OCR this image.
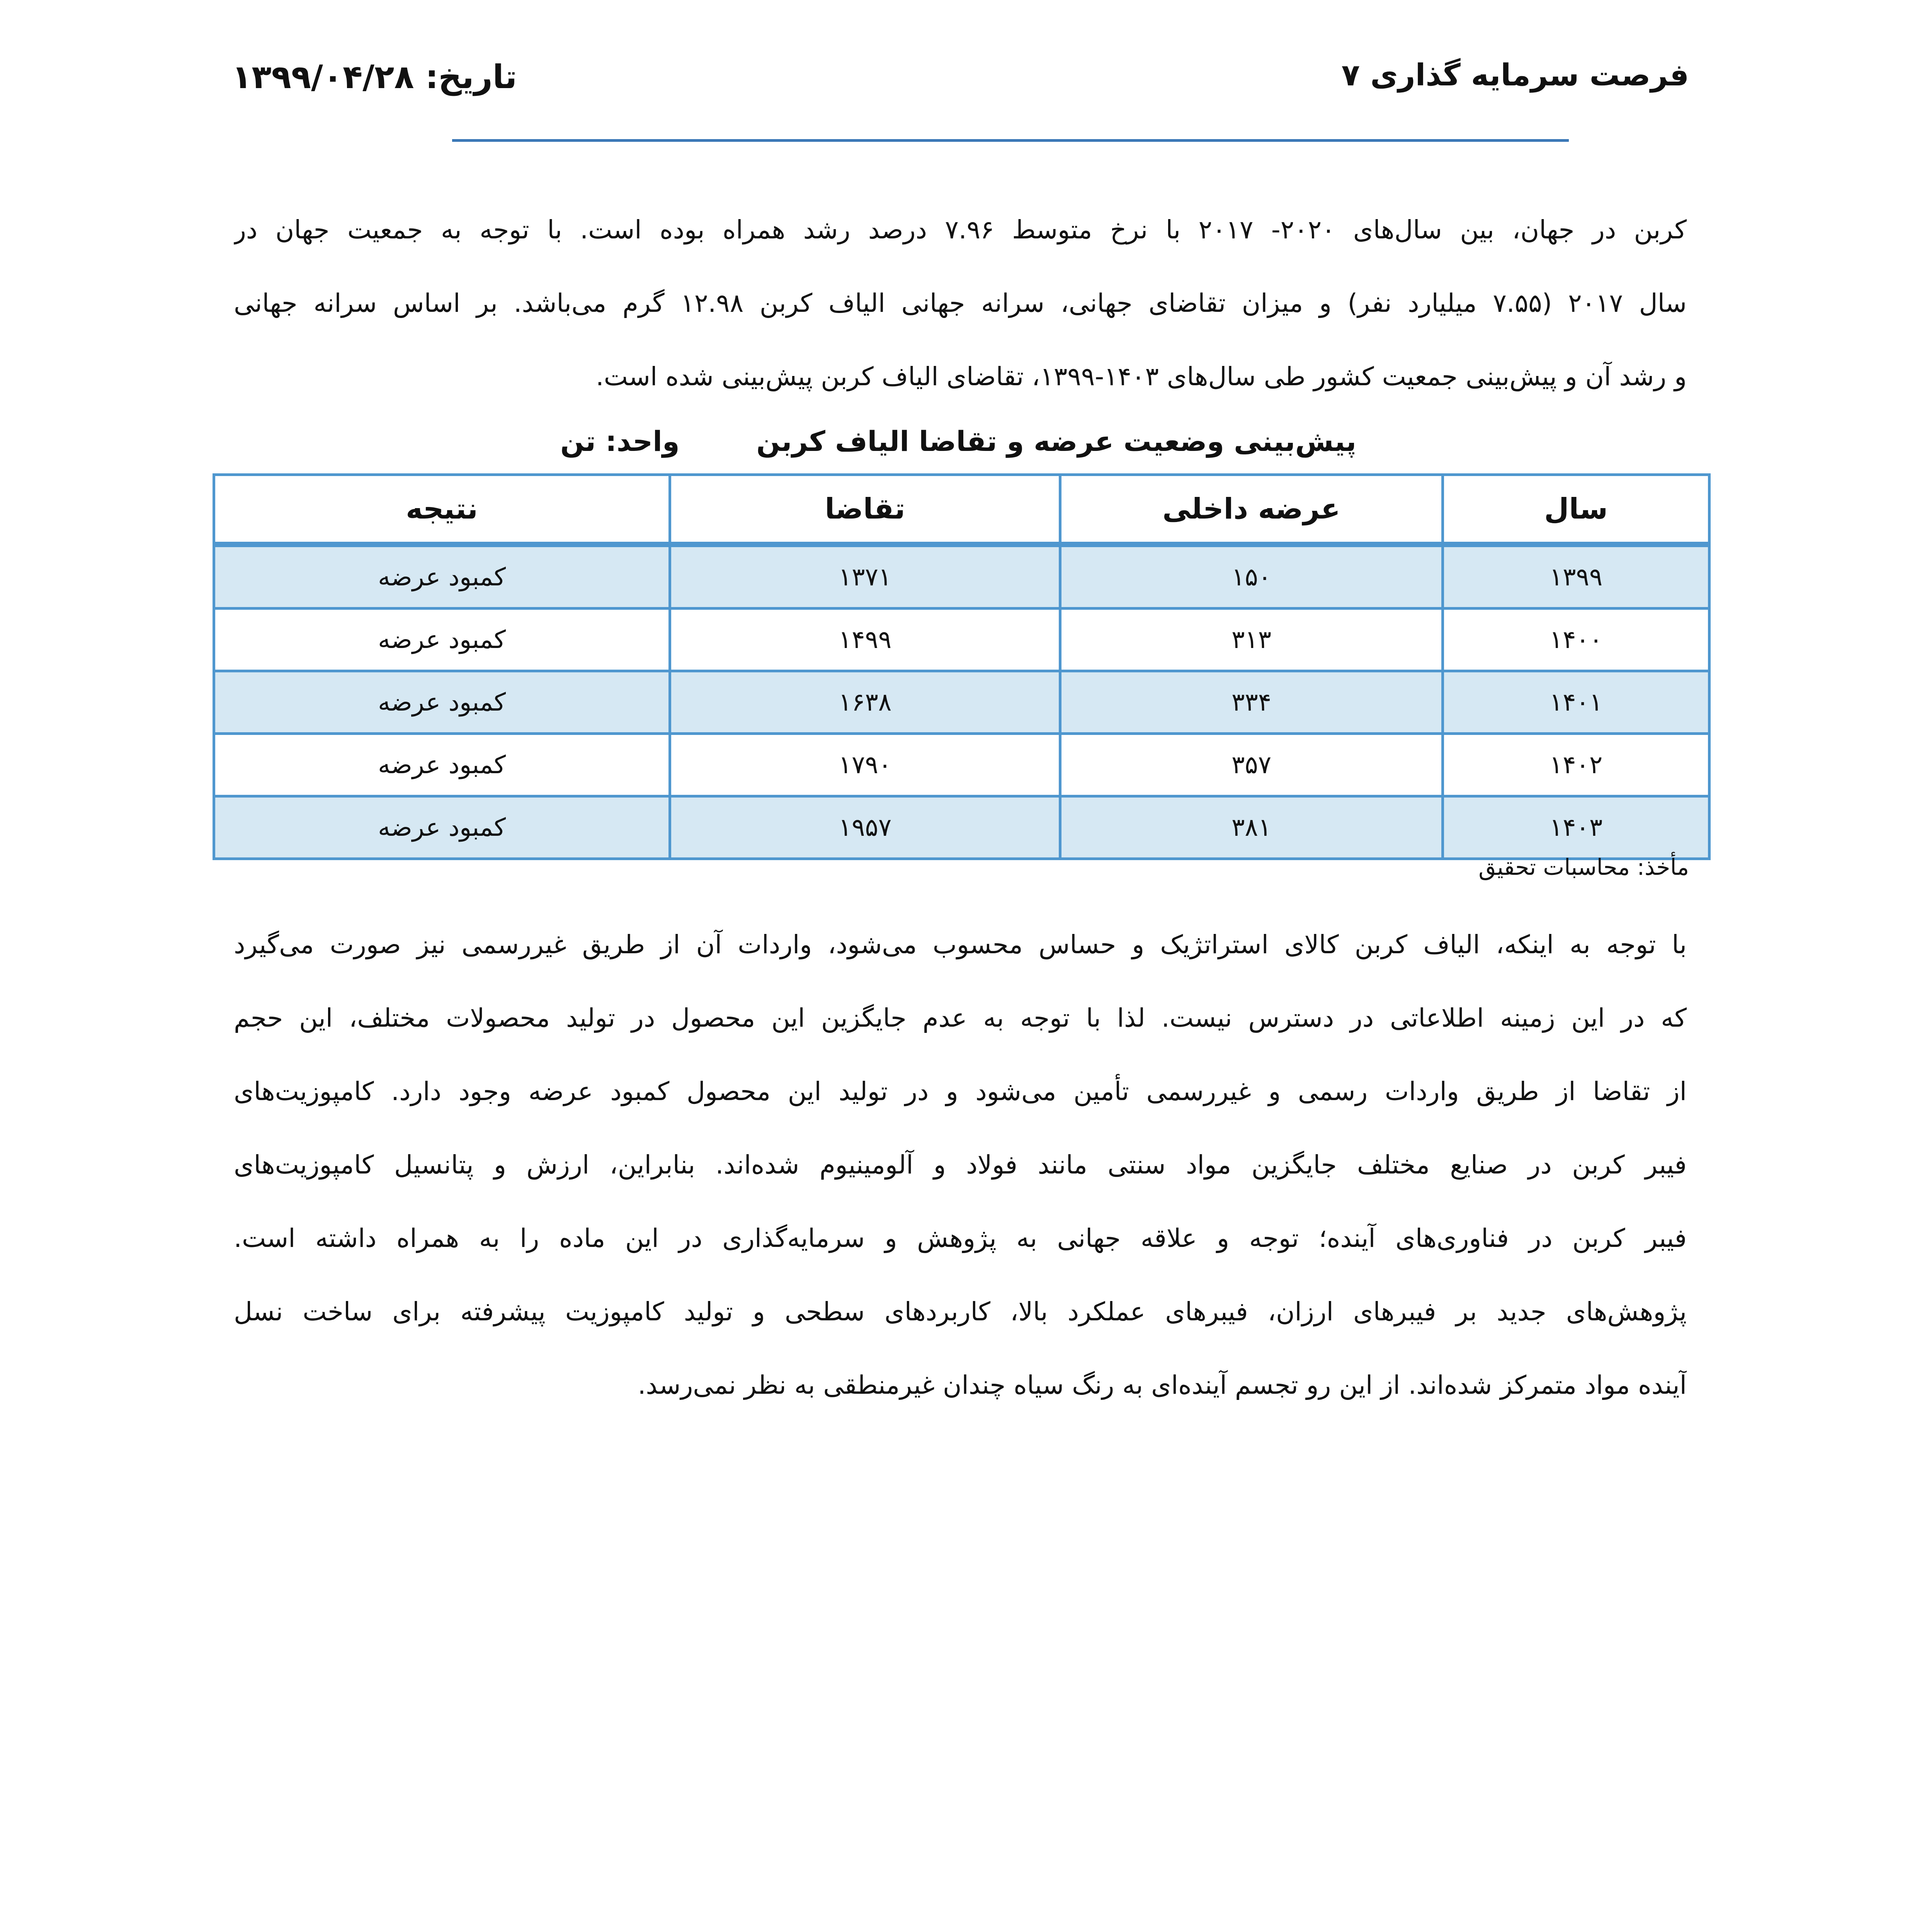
فرصت سرمایه گذاری ۷
تاریخ: ۱۳۹۹/۰۴/۲۸
کربن در جهان، بین سال‌های ۲۰۲۰- ۲۰۱۷ با نرخ متوسط ۷.۹۶ درصد رشد همراه بوده است. با توجه به جمعیت جهان در
سال ۲۰۱۷ (۷.۵۵ میلیارد نفر) و میزان تقاضای جهانی، سرانه جهانی الیاف کربن ۱۲.۹۸ گرم می‌باشد. بر اساس سرانه جهانی
و رشد آن و پیش‌بینی جمعیت کشور طی سال‌های ۱۴۰۳-۱۳۹۹، تقاضای الیاف کربن پیش‌بینی شده است.
پیش‌بینی وضعیت عرضه و تقاضا الیاف کربن
واحد: تن
سال	عرضه داخلی	تقاضا	نتیجه
۱۳۹۹	۱۵۰	۱۳۷۱	کمبود عرضه
۱۴۰۰	۳۱۳	۱۴۹۹	کمبود عرضه
۱۴۰۱	۳۳۴	۱۶۳۸	کمبود عرضه
۱۴۰۲	۳۵۷	۱۷۹۰	کمبود عرضه
۱۴۰۳	۳۸۱	۱۹۵۷	کمبود عرضه
مأخذ: محاسبات تحقیق
با توجه به اینکه، الیاف کربن کالای استراتژیک و حساس محسوب می‌شود، واردات آن از طریق غیررسمی نیز صورت می‌گیرد
که در این زمینه اطلاعاتی در دسترس نیست. لذا با توجه به عدم جایگزین این محصول در تولید محصولات مختلف، این حجم
از تقاضا از طریق واردات رسمی و غیررسمی تأمین می‌شود و در تولید این محصول کمبود عرضه وجود دارد. کامپوزیت‌های
فیبر کربن در صنایع مختلف جایگزین مواد سنتی مانند فولاد و آلومینیوم شده‌اند. بنابراین، ارزش و پتانسیل کامپوزیت‌های
فیبر کربن در فناوری‌های آینده؛ توجه و علاقه جهانی به پژوهش و سرمایه‌گذاری در این ماده را به همراه داشته است.
پژوهش‌های جدید بر فیبرهای ارزان، فیبرهای عملکرد بالا، کاربردهای سطحی و تولید کامپوزیت پیشرفته برای ساخت نسل
آینده مواد متمرکز شده‌اند. از این رو تجسم آینده‌ای به رنگ سیاه چندان غیرمنطقی به نظر نمی‌رسد.
